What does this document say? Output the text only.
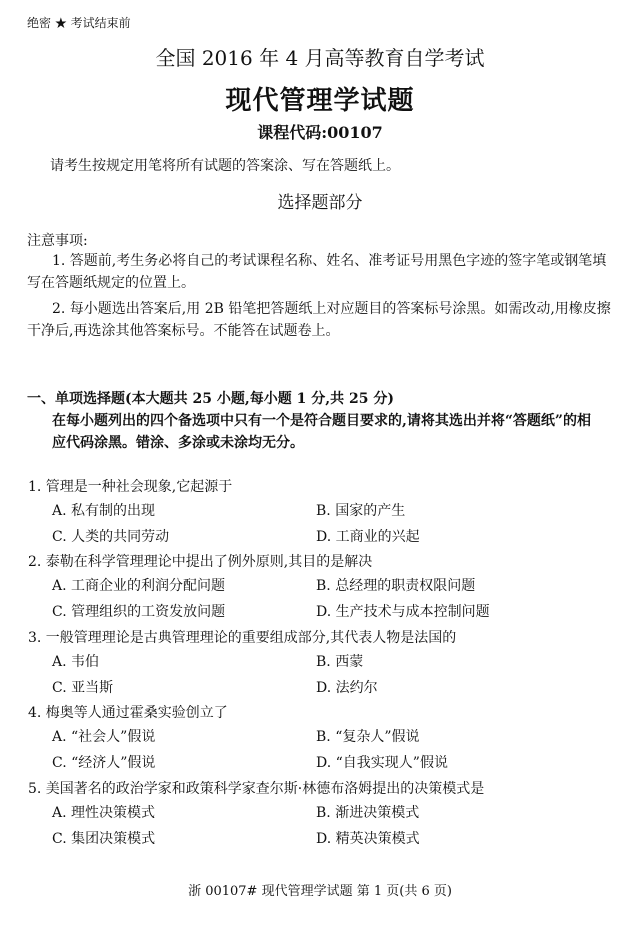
绝密 ★ 考试结束前
全国 2016 年 4 月高等教育自学考试
现代管理学试题
课程代码:00107
请考生按规定用笔将所有试题的答案涂、写在答题纸上。
选择题部分
注意事项:
1. 答题前,考生务必将自己的考试课程名称、姓名、准考证号用黑色字迹的签字笔或钢笔填写在答题纸规定的位置上。
2. 每小题选出答案后,用 2B 铅笔把答题纸上对应题目的答案标号涂黑。如需改动,用橡皮擦干净后,再选涂其他答案标号。不能答在试题卷上。
一、单项选择题(本大题共 25 小题,每小题 1 分,共 25 分)
在每小题列出的四个备选项中只有一个是符合题目要求的,请将其选出并将“答题纸”的相应代码涂黑。错涂、多涂或未涂均无分。
1. 管理是一种社会现象,它起源于
A. 私有制的出现	B. 国家的产生
C. 人类的共同劳动	D. 工商业的兴起
2. 泰勒在科学管理理论中提出了例外原则,其目的是解决
A. 工商企业的利润分配问题	B. 总经理的职责权限问题
C. 管理组织的工资发放问题	D. 生产技术与成本控制问题
3. 一般管理理论是古典管理理论的重要组成部分,其代表人物是法国的
A. 韦伯	B. 西蒙
C. 亚当斯	D. 法约尔
4. 梅奥等人通过霍桑实验创立了
A. “社会人”假说	B. “复杂人”假说
C. “经济人”假说	D. “自我实现人”假说
5. 美国著名的政治学家和政策科学家查尔斯·林德布洛姆提出的决策模式是
A. 理性决策模式	B. 渐进决策模式
C. 集团决策模式	D. 精英决策模式
浙 00107# 现代管理学试题 第 1 页(共 6 页)
